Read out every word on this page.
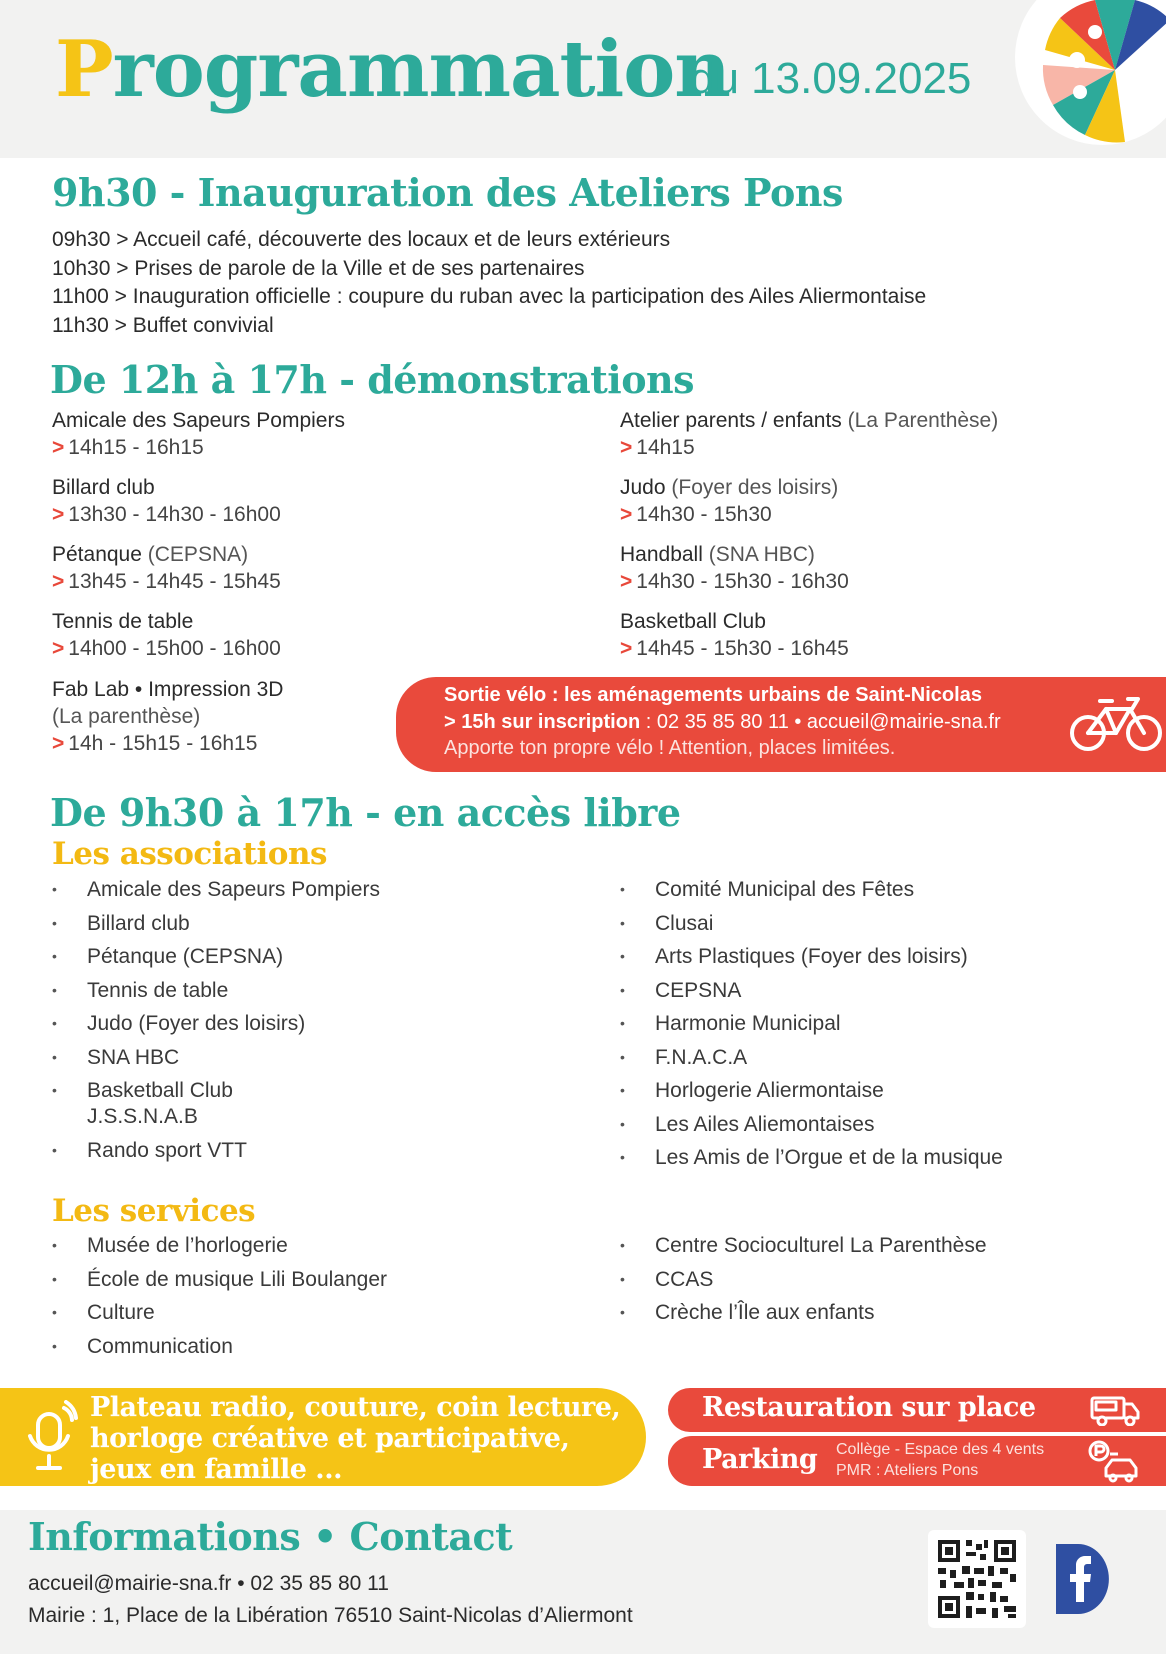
Programmation
du 13.09.2025
9h30 - Inauguration des Ateliers Pons
09h30 > Accueil café, découverte des locaux et de leurs extérieurs
10h30 > Prises de parole de la Ville et de ses partenaires
11h00 > Inauguration officielle : coupure du ruban avec la participation des Ailes Aliermontaise
11h30 > Buffet convivial
De 12h à 17h - démonstrations
Amicale des Sapeurs Pompiers
> 14h15 - 16h15
Billard club
> 13h30 - 14h30 - 16h00
Pétanque (CEPSNA)
> 13h45 - 14h45 - 15h45
Tennis de table
> 14h00 - 15h00 - 16h00
Fab Lab • Impression 3D
(La parenthèse)
> 14h - 15h15 - 16h15
Atelier parents / enfants (La Parenthèse)
> 14h15
Judo (Foyer des loisirs)
> 14h30 - 15h30
Handball (SNA HBC)
> 14h30 - 15h30 - 16h30
Basketball Club
> 14h45 - 15h30 - 16h45
Sortie vélo : les aménagements urbains de Saint-Nicolas
> 15h sur inscription : 02 35 85 80 11 • accueil@mairie-sna.fr
Apporte ton propre vélo ! Attention, places limitées.
De 9h30 à 17h - en accès libre
Les associations
• Amicale des Sapeurs Pompiers
• Billard club
• Pétanque (CEPSNA)
• Tennis de table
• Judo (Foyer des loisirs)
• SNA HBC
• Basketball Club
J.S.S.N.A.B
• Rando sport VTT
• Comité Municipal des Fêtes
• Clusai
• Arts Plastiques (Foyer des loisirs)
• CEPSNA
• Harmonie Municipal
• F.N.A.C.A
• Horlogerie Aliermontaise
• Les Ailes Aliemontaises
• Les Amis de l’Orgue et de la musique
Les services
• Musée de l’horlogerie
• École de musique Lili Boulanger
• Culture
• Communication
• Centre Socioculturel La Parenthèse
• CCAS
• Crèche l’Île aux enfants
Plateau radio, couture, coin lecture,
horloge créative et participative,
jeux en famille ...
Restauration sur place
Parking Collège - Espace des 4 vents
PMR : Ateliers Pons
Informations • Contact
accueil@mairie-sna.fr • 02 35 85 80 11
Mairie : 1, Place de la Libération 76510 Saint-Nicolas d’Aliermont
